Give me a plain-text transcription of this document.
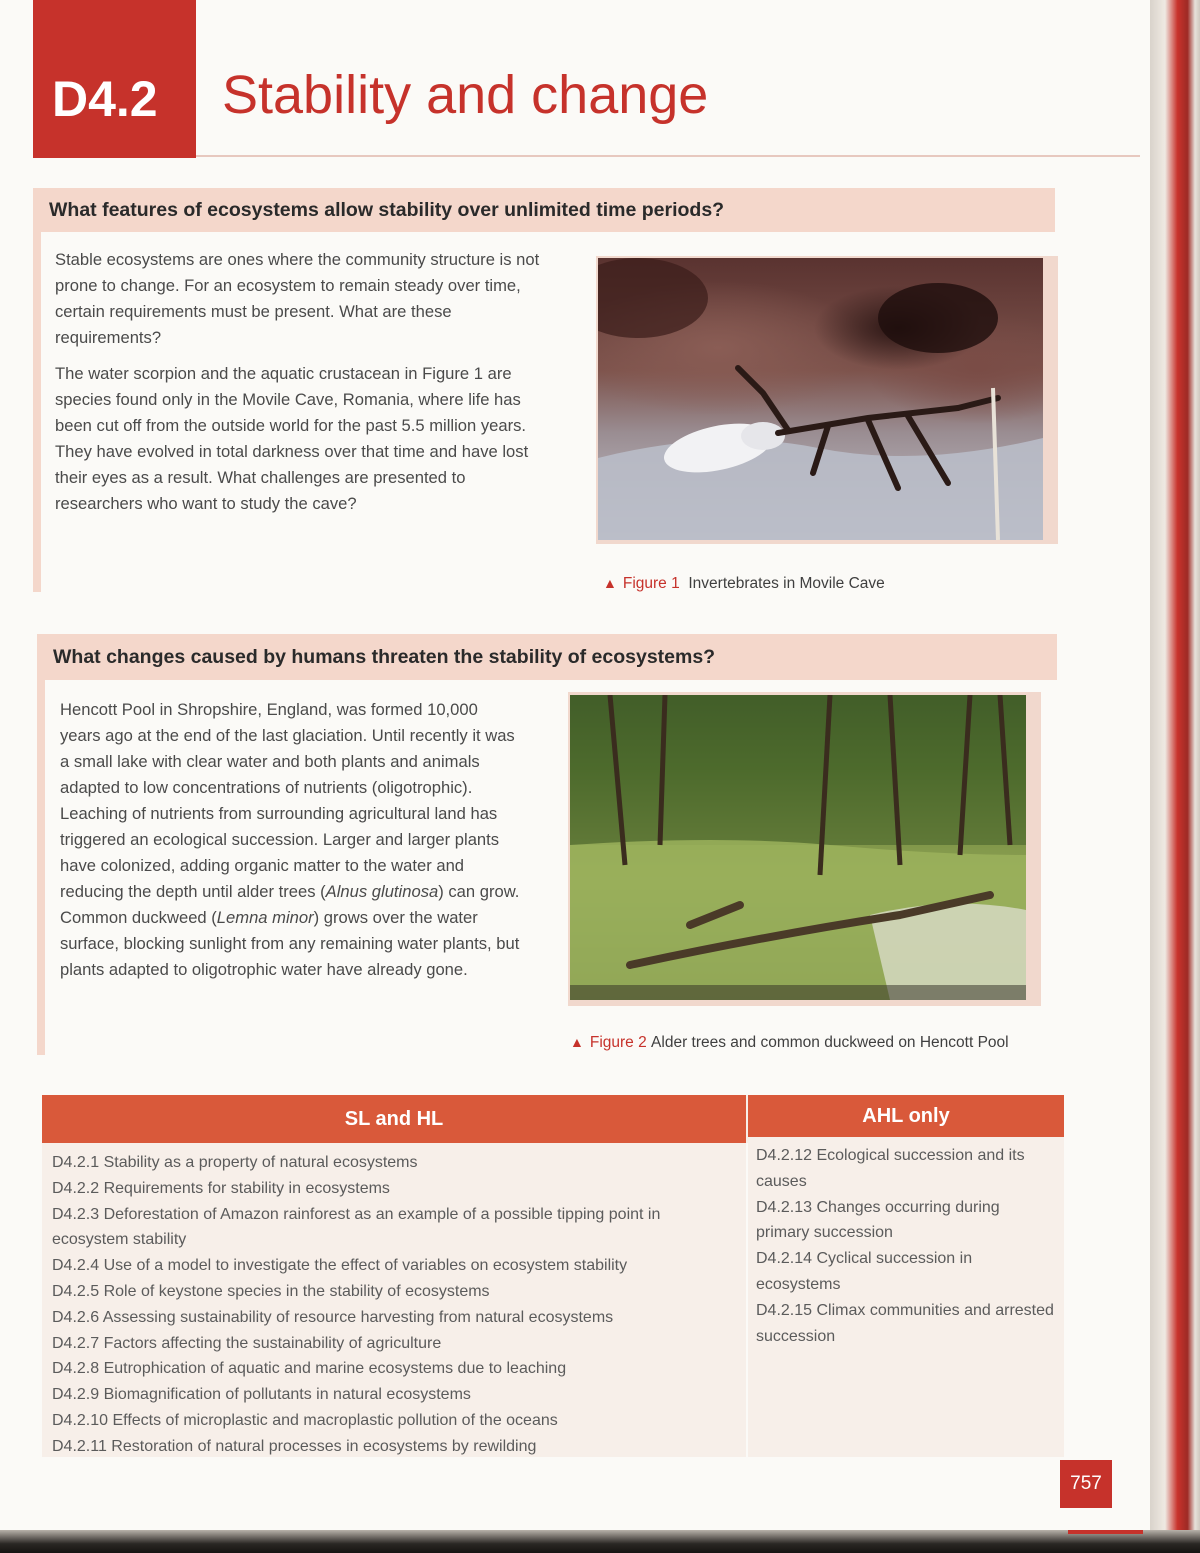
D4.2 Stability and change
What features of ecosystems allow stability over unlimited time periods?

Stable ecosystems are ones where the community structure is not prone to change. For an ecosystem to remain steady over time, certain requirements must be present. What are these requirements?

The water scorpion and the aquatic crustacean in Figure 1 are species found only in the Movile Cave, Romania, where life has been cut off from the outside world for the past 5.5 million years. They have evolved in total darkness over that time and have lost their eyes as a result. What challenges are presented to researchers who want to study the cave?

▲ Figure 1 Invertebrates in Movile Cave
What changes caused by humans threaten the stability of ecosystems?

Hencott Pool in Shropshire, England, was formed 10,000 years ago at the end of the last glaciation. Until recently it was a small lake with clear water and both plants and animals adapted to low concentrations of nutrients (oligotrophic). Leaching of nutrients from surrounding agricultural land has triggered an ecological succession. Larger and larger plants have colonized, adding organic matter to the water and reducing the depth until alder trees (Alnus glutinosa) can grow. Common duckweed (Lemna minor) grows over the water surface, blocking sunlight from any remaining water plants, but plants adapted to oligotrophic water have already gone.

▲ Figure 2 Alder trees and common duckweed on Hencott Pool
SL and HL	AHL only
D4.2.1 Stability as a property of natural ecosystems
D4.2.2 Requirements for stability in ecosystems
D4.2.3 Deforestation of Amazon rainforest as an example of a possible tipping point in ecosystem stability
D4.2.4 Use of a model to investigate the effect of variables on ecosystem stability
D4.2.5 Role of keystone species in the stability of ecosystems
D4.2.6 Assessing sustainability of resource harvesting from natural ecosystems
D4.2.7 Factors affecting the sustainability of agriculture
D4.2.8 Eutrophication of aquatic and marine ecosystems due to leaching
D4.2.9 Biomagnification of pollutants in natural ecosystems
D4.2.10 Effects of microplastic and macroplastic pollution of the oceans
D4.2.11 Restoration of natural processes in ecosystems by rewilding
D4.2.12 Ecological succession and its causes
D4.2.13 Changes occurring during primary succession
D4.2.14 Cyclical succession in ecosystems
D4.2.15 Climax communities and arrested succession
757
